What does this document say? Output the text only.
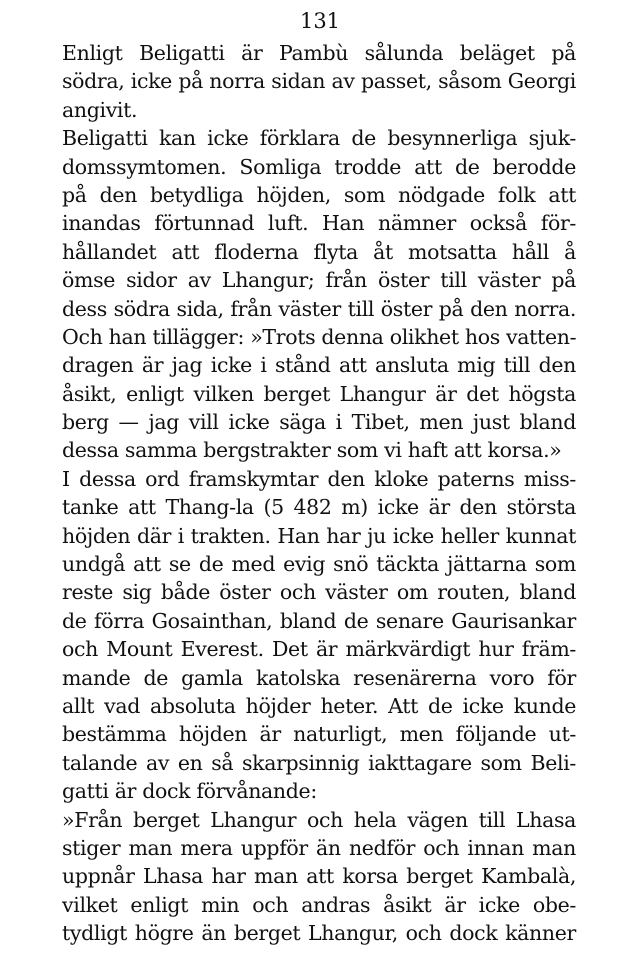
131
Enligt Beligatti är Pambù sålunda beläget på
södra, icke på norra sidan av passet, såsom Georgi
angivit.
Beligatti kan icke förklara de besynnerliga sjuk-
domssymtomen. Somliga trodde att de berodde
på den betydliga höjden, som nödgade folk att
inandas förtunnad luft. Han nämner också för-
hållandet att floderna flyta åt motsatta håll å
ömse sidor av Lhangur; från öster till väster på
dess södra sida, från väster till öster på den norra.
Och han tillägger: »Trots denna olikhet hos vatten-
dragen är jag icke i stånd att ansluta mig till den
åsikt, enligt vilken berget Lhangur är det högsta
berg — jag vill icke säga i Tibet, men just bland
dessa samma bergstrakter som vi haft att korsa.»
I dessa ord framskymtar den kloke paterns miss-
tanke att Thang-la (5 482 m) icke är den största
höjden där i trakten. Han har ju icke heller kunnat
undgå att se de med evig snö täckta jättarna som
reste sig både öster och väster om routen, bland
de förra Gosainthan, bland de senare Gaurisankar
och Mount Everest. Det är märkvärdigt hur främ-
mande de gamla katolska resenärerna voro för
allt vad absoluta höjder heter. Att de icke kunde
bestämma höjden är naturligt, men följande ut-
talande av en så skarpsinnig iakttagare som Beli-
gatti är dock förvånande:
»Från berget Lhangur och hela vägen till Lhasa
stiger man mera uppför än nedför och innan man
uppnår Lhasa har man att korsa berget Kambalà,
vilket enligt min och andras åsikt är icke obe-
tydligt högre än berget Lhangur, och dock känner
